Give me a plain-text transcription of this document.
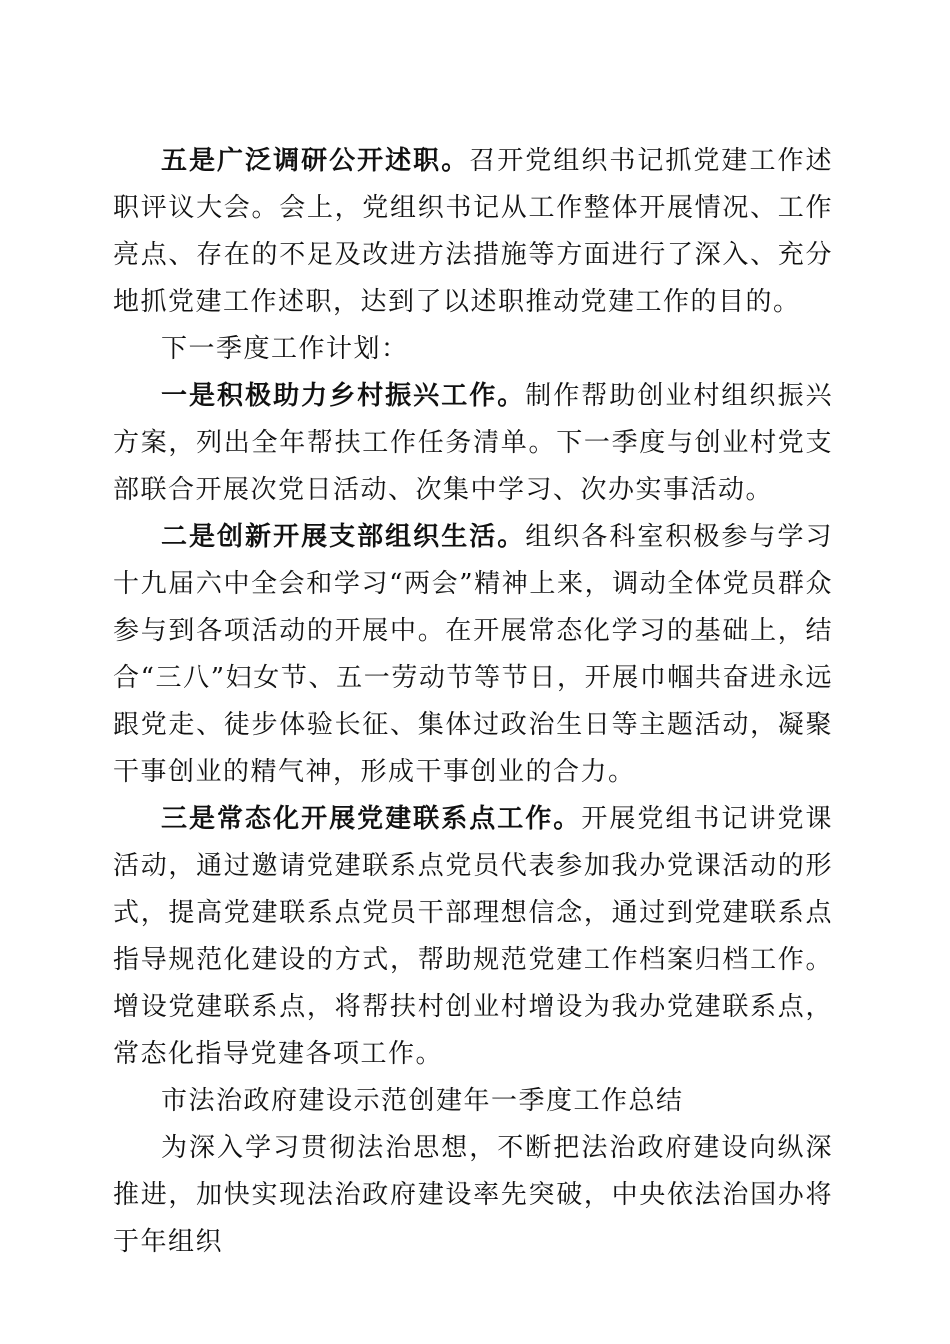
五是广泛调研公开述职。召开党组织书记抓党建工作述职评议大会。会上，党组织书记从工作整体开展情况、工作亮点、存在的不足及改进方法措施等方面进行了深入、充分地抓党建工作述职，达到了以述职推动党建工作的目的。

下一季度工作计划：

一是积极助力乡村振兴工作。制作帮助创业村组织振兴方案，列出全年帮扶工作任务清单。下一季度与创业村党支部联合开展次党日活动、次集中学习、次办实事活动。

二是创新开展支部组织生活。组织各科室积极参与学习十九届六中全会和学习“两会”精神上来，调动全体党员群众参与到各项活动的开展中。在开展常态化学习的基础上，结合“三八”妇女节、五一劳动节等节日，开展巾帼共奋进永远跟党走、徒步体验长征、集体过政治生日等主题活动，凝聚干事创业的精气神，形成干事创业的合力。

三是常态化开展党建联系点工作。开展党组书记讲党课活动，通过邀请党建联系点党员代表参加我办党课活动的形式，提高党建联系点党员干部理想信念，通过到党建联系点指导规范化建设的方式，帮助规范党建工作档案归档工作。增设党建联系点，将帮扶村创业村增设为我办党建联系点，常态化指导党建各项工作。

市法治政府建设示范创建年一季度工作总结

为深入学习贯彻法治思想，不断把法治政府建设向纵深推进，加快实现法治政府建设率先突破，中央依法治国办将于年组织
